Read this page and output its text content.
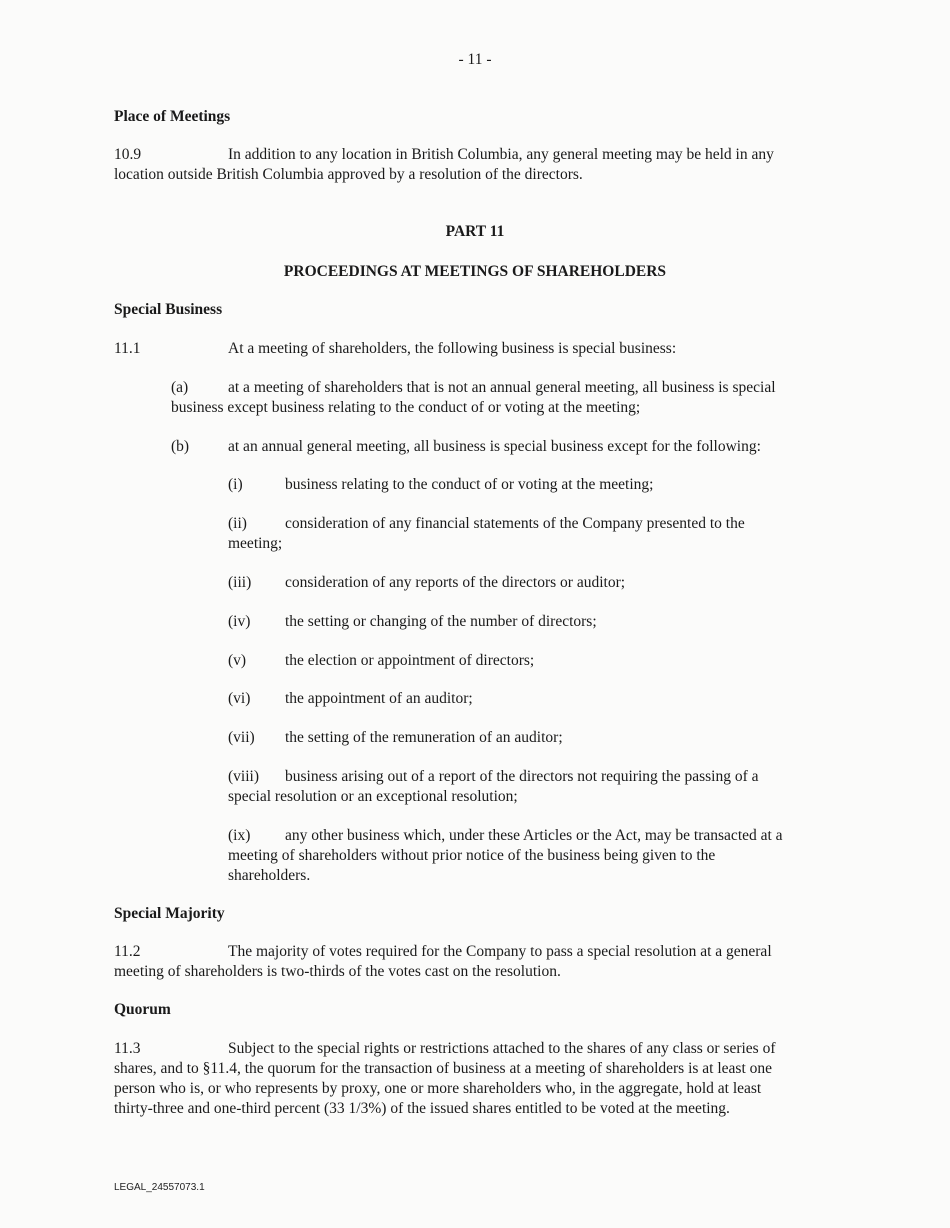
- 11 -
Place of Meetings
10.9	In addition to any location in British Columbia, any general meeting may be held in any
location outside British Columbia approved by a resolution of the directors.
PART 11
PROCEEDINGS AT MEETINGS OF SHAREHOLDERS
Special Business
11.1	At a meeting of shareholders, the following business is special business:
(a)	at a meeting of shareholders that is not an annual general meeting, all business is special
business except business relating to the conduct of or voting at the meeting;
(b)	at an annual general meeting, all business is special business except for the following:
(i)	business relating to the conduct of or voting at the meeting;
(ii) consideration of any financial statements of the Company presented to the
meeting;
(iii) consideration of any reports of the directors or auditor;
(iv) the setting or changing of the number of directors;
(v)	the election or appointment of directors;
(vi) the appointment of an auditor;
(vii) the setting of the remuneration of an auditor;
(viii) business arising out of a report of the directors not requiring the passing of a
special resolution or an exceptional resolution;
(ix) any other business which, under these Articles or the Act, may be transacted at a
meeting of shareholders without prior notice of the business being given to the
shareholders.
Special Majority
11.2	The majority of votes required for the Company to pass a special resolution at a general
meeting of shareholders is two-thirds of the votes cast on the resolution.
Quorum
11.3	Subject to the special rights or restrictions attached to the shares of any class or series of
shares, and to §11.4, the quorum for the transaction of business at a meeting of shareholders is at least one
person who is, or who represents by proxy, one or more shareholders who, in the aggregate, hold at least
thirty-three and one-third percent (33 1/3%) of the issued shares entitled to be voted at the meeting.
LEGAL_24557073.1
